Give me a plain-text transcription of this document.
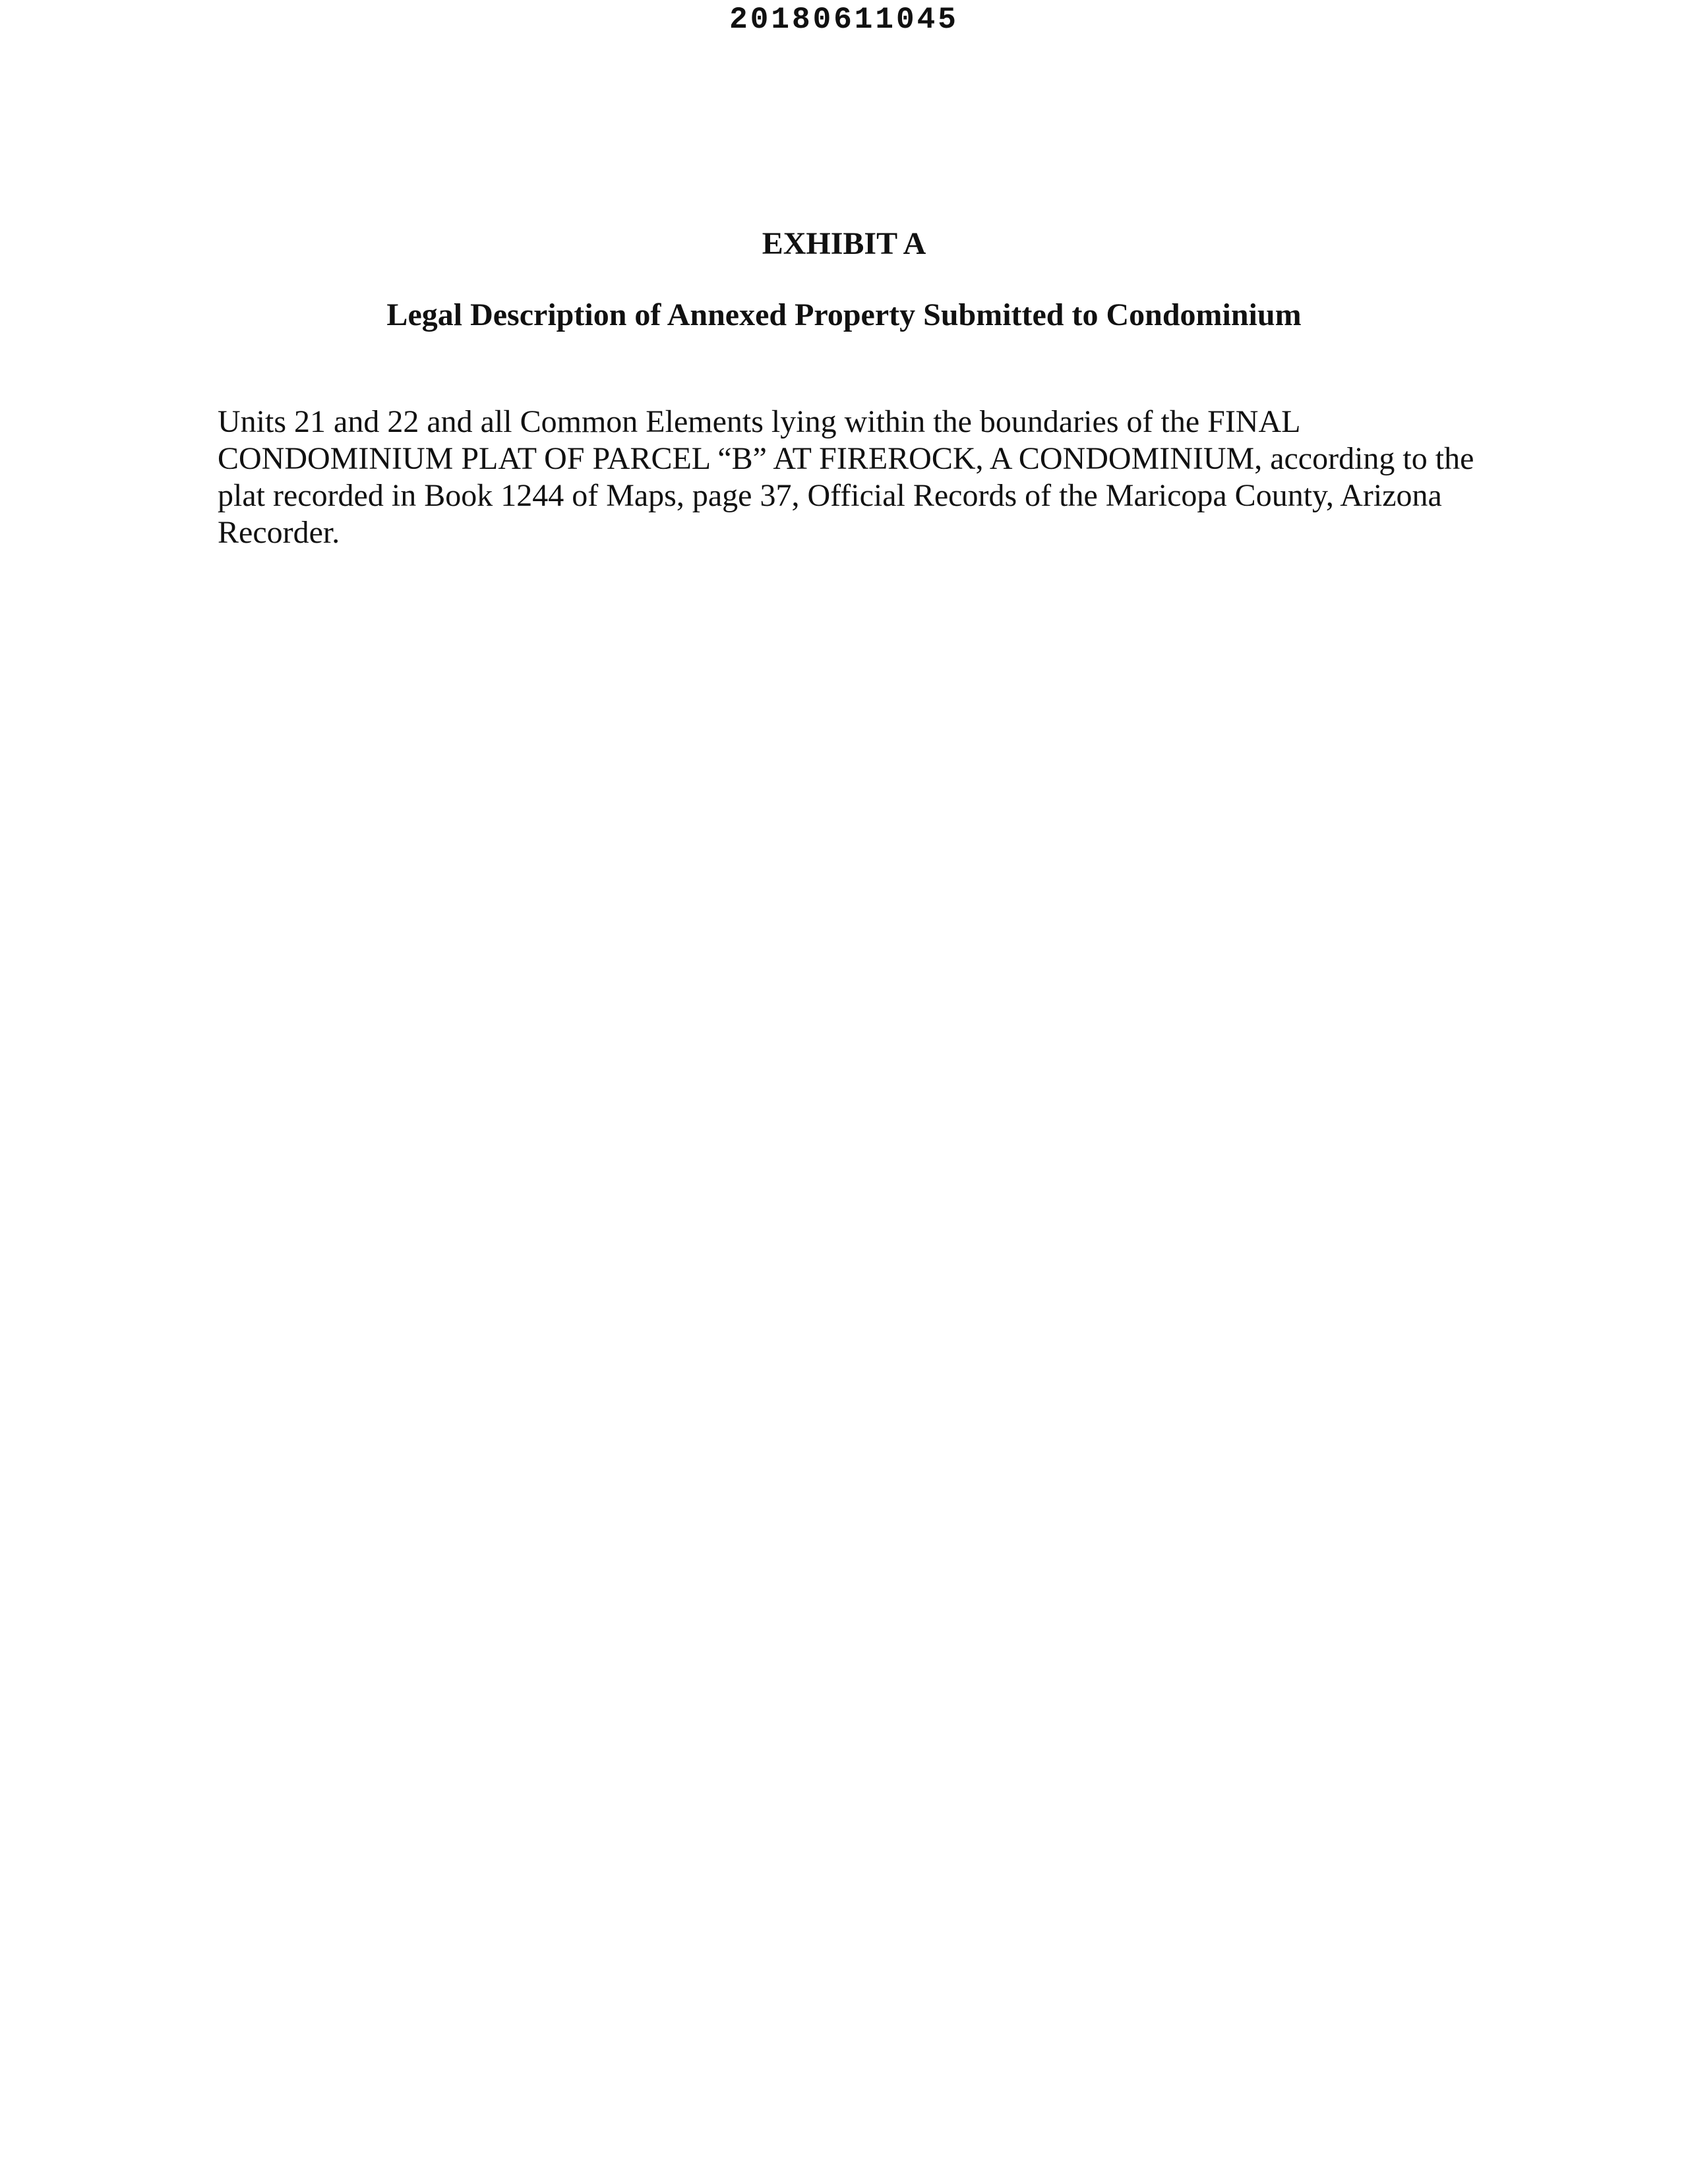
20180611045
EXHIBIT A
Legal Description of Annexed Property Submitted to Condominium

Units 21 and 22 and all Common Elements lying within the boundaries of the FINAL CONDOMINIUM PLAT OF PARCEL “B” AT FIREROCK, A CONDOMINIUM, according to the plat recorded in Book 1244 of Maps, page 37, Official Records of the Maricopa County, Arizona Recorder.
